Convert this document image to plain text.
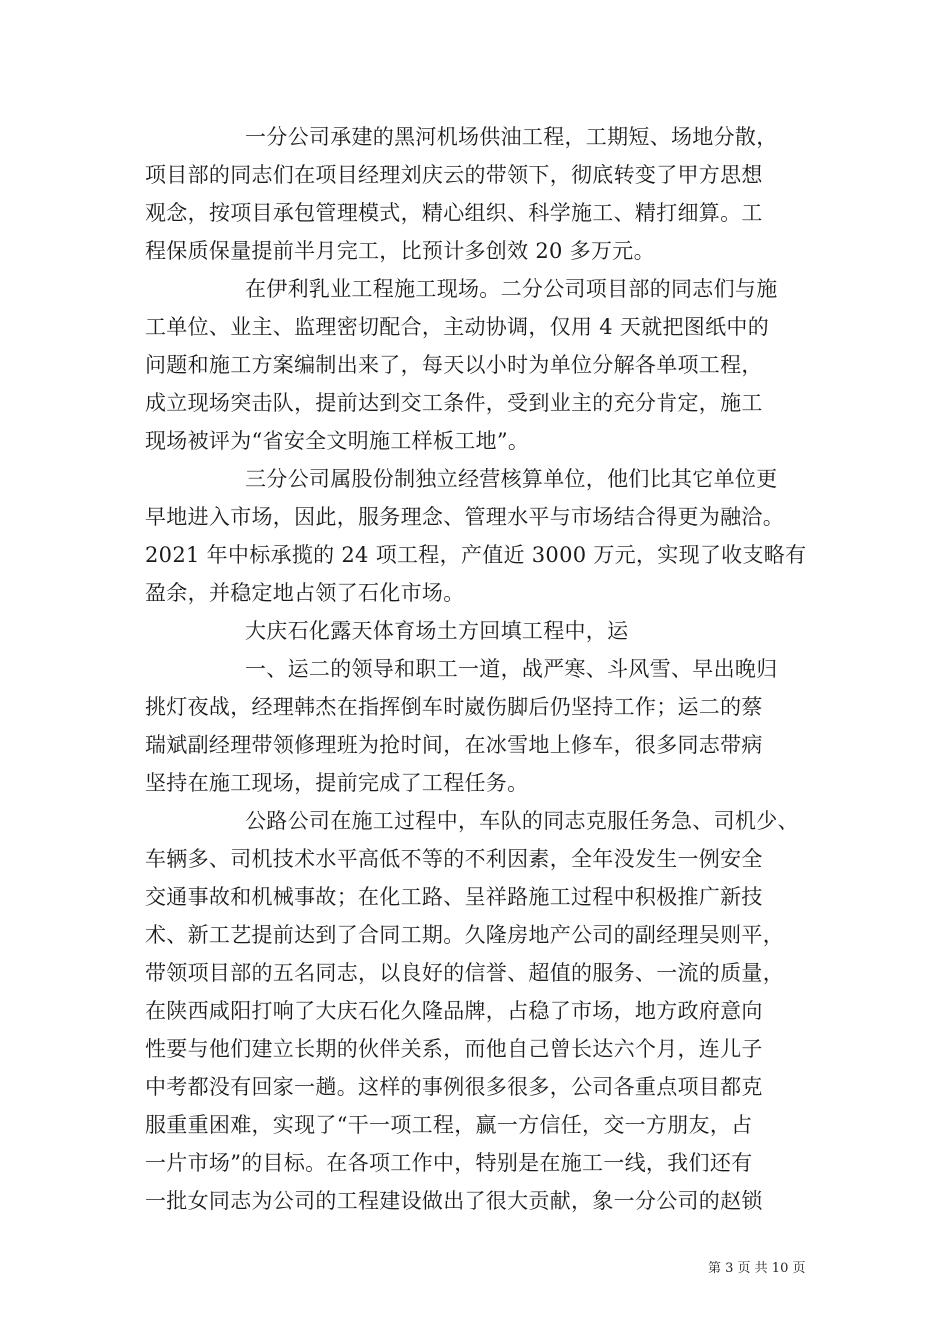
一分公司承建的黑河机场供油工程，工期短、场地分散，
项目部的同志们在项目经理刘庆云的带领下，彻底转变了甲方思想
观念，按项目承包管理模式，精心组织、科学施工、精打细算。工
程保质保量提前半月完工，比预计多创效 20 多万元。
在伊利乳业工程施工现场。二分公司项目部的同志们与施
工单位、业主、监理密切配合，主动协调，仅用 4 天就把图纸中的
问题和施工方案编制出来了，每天以小时为单位分解各单项工程，
成立现场突击队，提前达到交工条件，受到业主的充分肯定，施工
现场被评为“省安全文明施工样板工地”。
三分公司属股份制独立经营核算单位，他们比其它单位更
早地进入市场，因此，服务理念、管理水平与市场结合得更为融洽。
2021 年中标承揽的 24 项工程，产值近 3000 万元，实现了收支略有
盈余，并稳定地占领了石化市场。
大庆石化露天体育场土方回填工程中，运
一、运二的领导和职工一道，战严寒、斗风雪、早出晚归
挑灯夜战，经理韩杰在指挥倒车时崴伤脚后仍坚持工作；运二的蔡
瑞斌副经理带领修理班为抢时间，在冰雪地上修车，很多同志带病
坚持在施工现场，提前完成了工程任务。
公路公司在施工过程中，车队的同志克服任务急、司机少、
车辆多、司机技术水平高低不等的不利因素，全年没发生一例安全
交通事故和机械事故；在化工路、呈祥路施工过程中积极推广新技
术、新工艺提前达到了合同工期。久隆房地产公司的副经理吴则平，
带领项目部的五名同志，以良好的信誉、超值的服务、一流的质量，
在陕西咸阳打响了大庆石化久隆品牌，占稳了市场，地方政府意向
性要与他们建立长期的伙伴关系，而他自己曾长达六个月，连儿子
中考都没有回家一趟。这样的事例很多很多，公司各重点项目都克
服重重困难，实现了“干一项工程，赢一方信任，交一方朋友，占
一片市场”的目标。在各项工作中，特别是在施工一线，我们还有
一批女同志为公司的工程建设做出了很大贡献，象一分公司的赵锁
第 3 页 共 10 页
